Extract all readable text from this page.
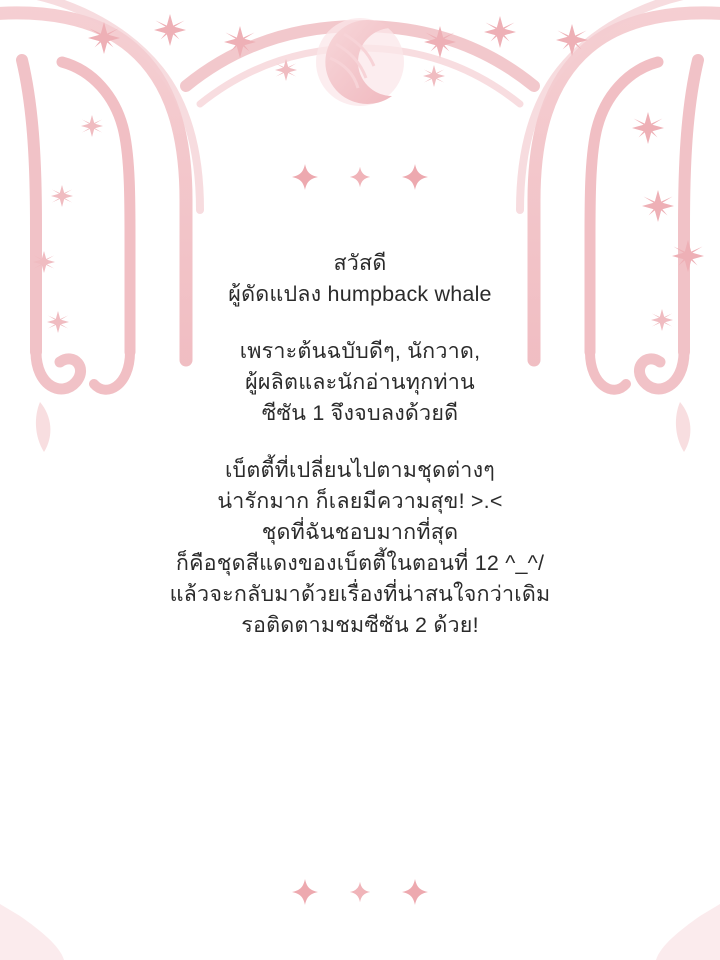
สวัสดี
ผู้ดัดแปลง humpback whale

เพราะต้นฉบับดีๆ, นักวาด,
ผู้ผลิตและนักอ่านทุกท่าน
ซีซัน 1 จึงจบลงด้วยดี

เบ็ตตี้ที่เปลี่ยนไปตามชุดต่างๆ
น่ารักมาก ก็เลยมีความสุข! >.<
ชุดที่ฉันชอบมากที่สุด
ก็คือชุดสีแดงของเบ็ตตี้ในตอนที่ 12 ^_^/
แล้วจะกลับมาด้วยเรื่องที่น่าสนใจกว่าเดิม
รอติดตามชมซีซัน 2 ด้วย!
